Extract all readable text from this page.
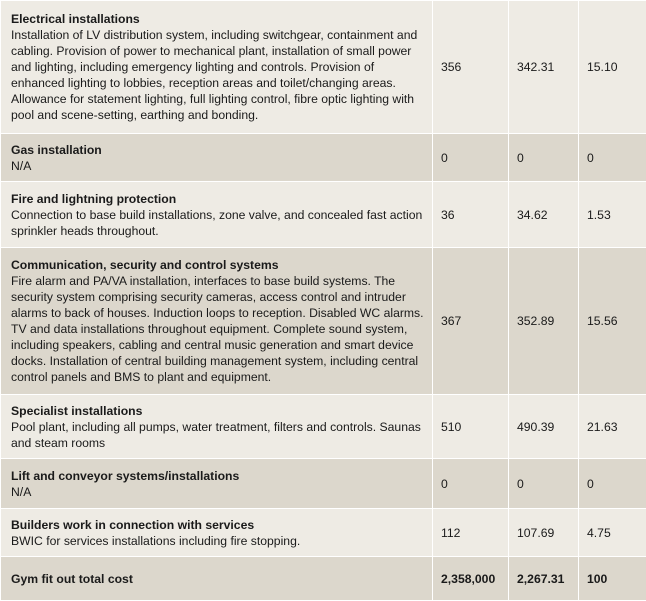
Electrical installations
Installation of LV distribution system, including switchgear, containment and cabling. Provision of power to mechanical plant, installation of small power and lighting, including emergency lighting and controls. Provision of enhanced lighting to lobbies, reception areas and toilet/changing areas. Allowance for statement lighting, full lighting control, fibre optic lighting with pool and scene-setting, earthing and bonding.	356	342.31	15.10

Gas installation
N/A	0	0	0

Fire and lightning protection
Connection to base build installations, zone valve, and concealed fast action sprinkler heads throughout.	36	34.62	1.53

Communication, security and control systems
Fire alarm and PA/VA installation, interfaces to base build systems. The security system comprising security cameras, access control and intruder alarms to back of houses. Induction loops to reception. Disabled WC alarms. TV and data installations throughout equipment. Complete sound system, including speakers, cabling and central music generation and smart device docks. Installation of central building management system, including central control panels and BMS to plant and equipment.	367	352.89	15.56

Specialist installations
Pool plant, including all pumps, water treatment, filters and controls. Saunas and steam rooms	510	490.39	21.63

Lift and conveyor systems/installations
N/A	0	0	0

Builders work in connection with services
BWIC for services installations including fire stopping.	112	107.69	4.75
Gym fit out total cost	2,358,000	2,267.31	100
